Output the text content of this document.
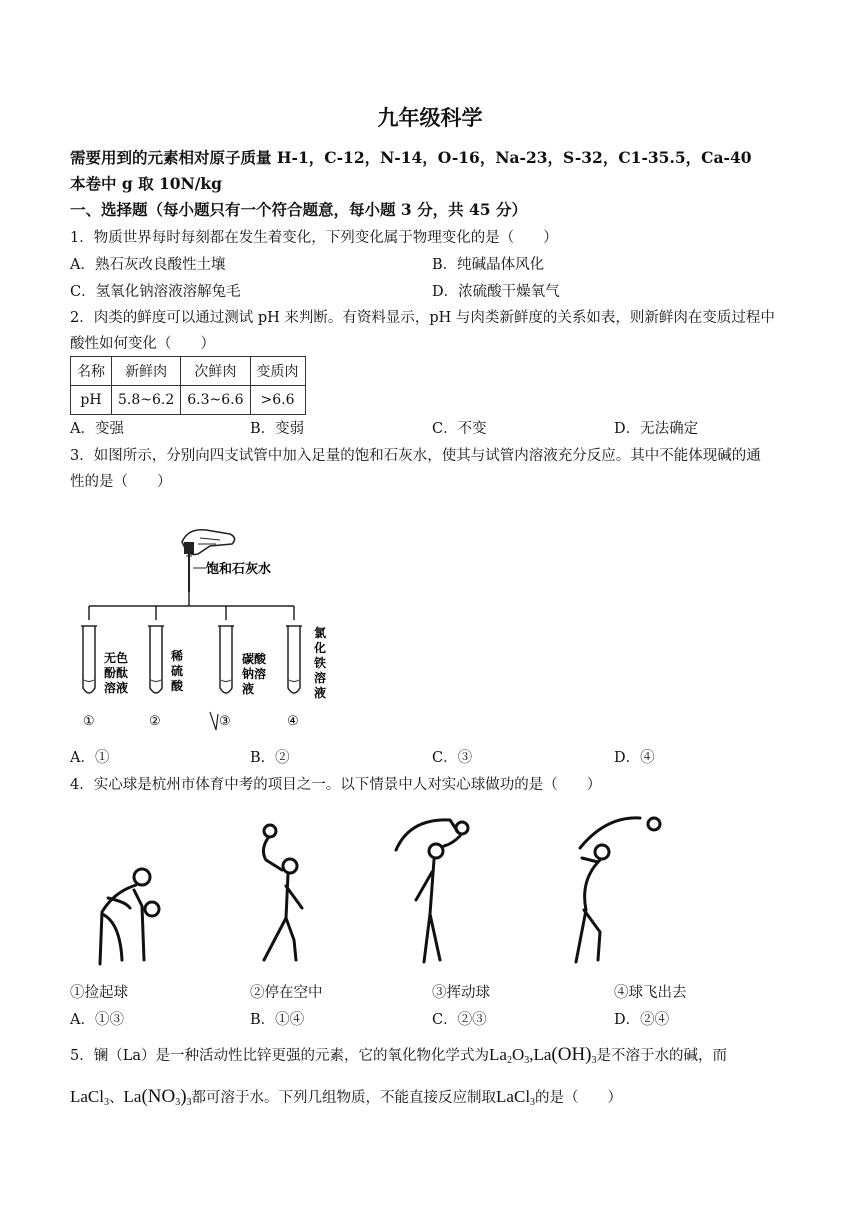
九年级科学
需要用到的元素相对原子质量 H-1，C-12，N-14，O-16，Na-23，S-32，C1-35.5，Ca-40
本卷中 g 取 10N/kg
一、选择题（每小题只有一个符合题意，每小题 3 分，共 45 分）
1．物质世界每时每刻都在发生着变化，下列变化属于物理变化的是（　　）
A．熟石灰改良酸性土壤	B．纯碱晶体风化
C．氢氧化钠溶液溶解兔毛	D．浓硫酸干燥氧气
2．肉类的鲜度可以通过测试 pH 来判断。有资料显示，pH 与肉类新鲜度的关系如表，则新鲜肉在变质过程中
酸性如何变化（　　）
名称	新鲜肉	次鲜肉	变质肉
pH	5.8~6.2	6.3~6.6	>6.6
A．变强	B．变弱	C．不变	D．无法确定
3．如图所示，分别向四支试管中加入足量的饱和石灰水，使其与试管内溶液充分反应。其中不能体现碱的通
性的是（　　）
饱和石灰水
无色
酚酞
溶液
稀
硫
酸
碳酸
钠溶
液
氯
化
铁
溶
液
①	②	③	④
A．①	B．②	C．③	D．④
4．实心球是杭州市体育中考的项目之一。以下情景中人对实心球做功的是（　　）
①捡起球	②停在空中	③挥动球	④球飞出去
A．①③	B．①④	C．②③	D．②④
5．镧（La）是一种活动性比锌更强的元素，它的氧化物化学式为$La_2O_3,La(OH)_3$是不溶于水的碱，而
LaCl$_3$、$La(NO_3)_3$都可溶于水。下列几组物质，不能直接反应制取LaCl$_3$的是（　　）
